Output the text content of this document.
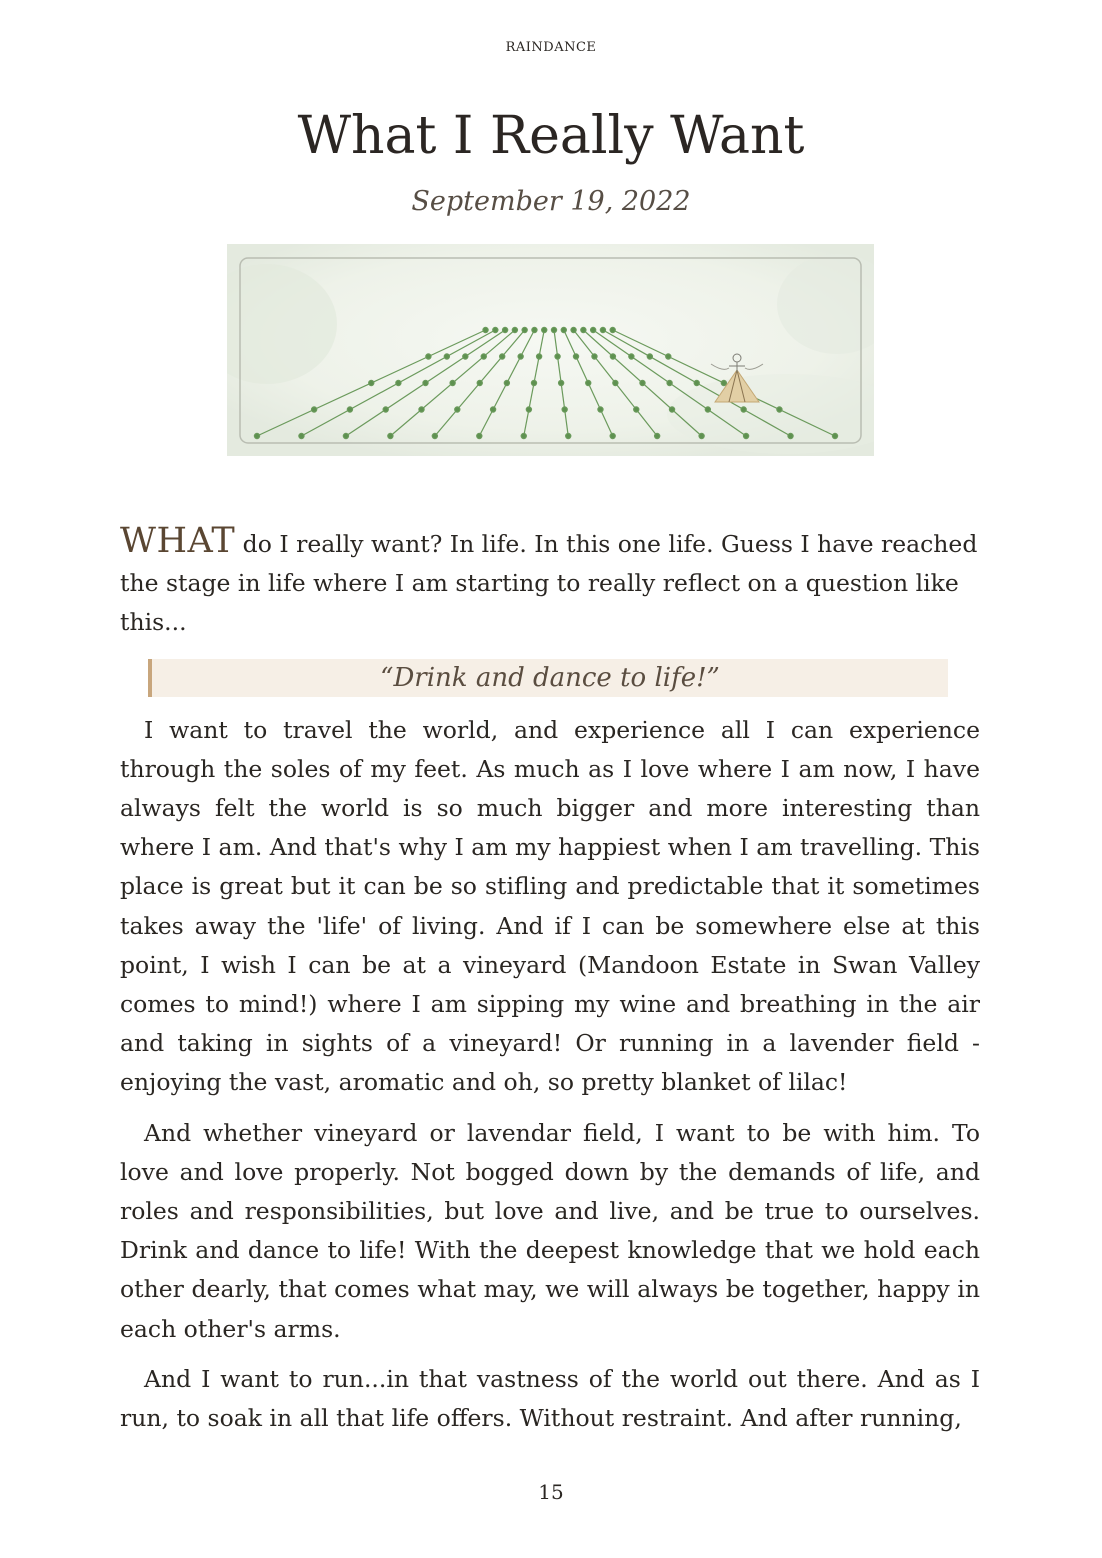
RAINDANCE
What I Really Want
September 19, 2022

WHAT do I really want? In life. In this one life. Guess I have reached the stage in life where I am starting to really reflect on a question like this...

“Drink and dance to life!”

I want to travel the world, and experience all I can experience through the soles of my feet. As much as I love where I am now, I have always felt the world is so much bigger and more interesting than where I am. And that's why I am my happiest when I am travelling. This place is great but it can be so stifling and predictable that it sometimes takes away the 'life' of living. And if I can be somewhere else at this point, I wish I can be at a vineyard (Mandoon Estate in Swan Valley comes to mind!) where I am sipping my wine and breathing in the air and taking in sights of a vineyard! Or running in a lavender field - enjoying the vast, aromatic and oh, so pretty blanket of lilac!

And whether vineyard or lavendar field, I want to be with him. To love and love properly. Not bogged down by the demands of life, and roles and responsibilities, but love and live, and be true to ourselves. Drink and dance to life! With the deepest knowledge that we hold each other dearly, that comes what may, we will always be together, happy in each other's arms.

And I want to run...in that vastness of the world out there. And as I run, to soak in all that life offers. Without restraint. And after running,

15
